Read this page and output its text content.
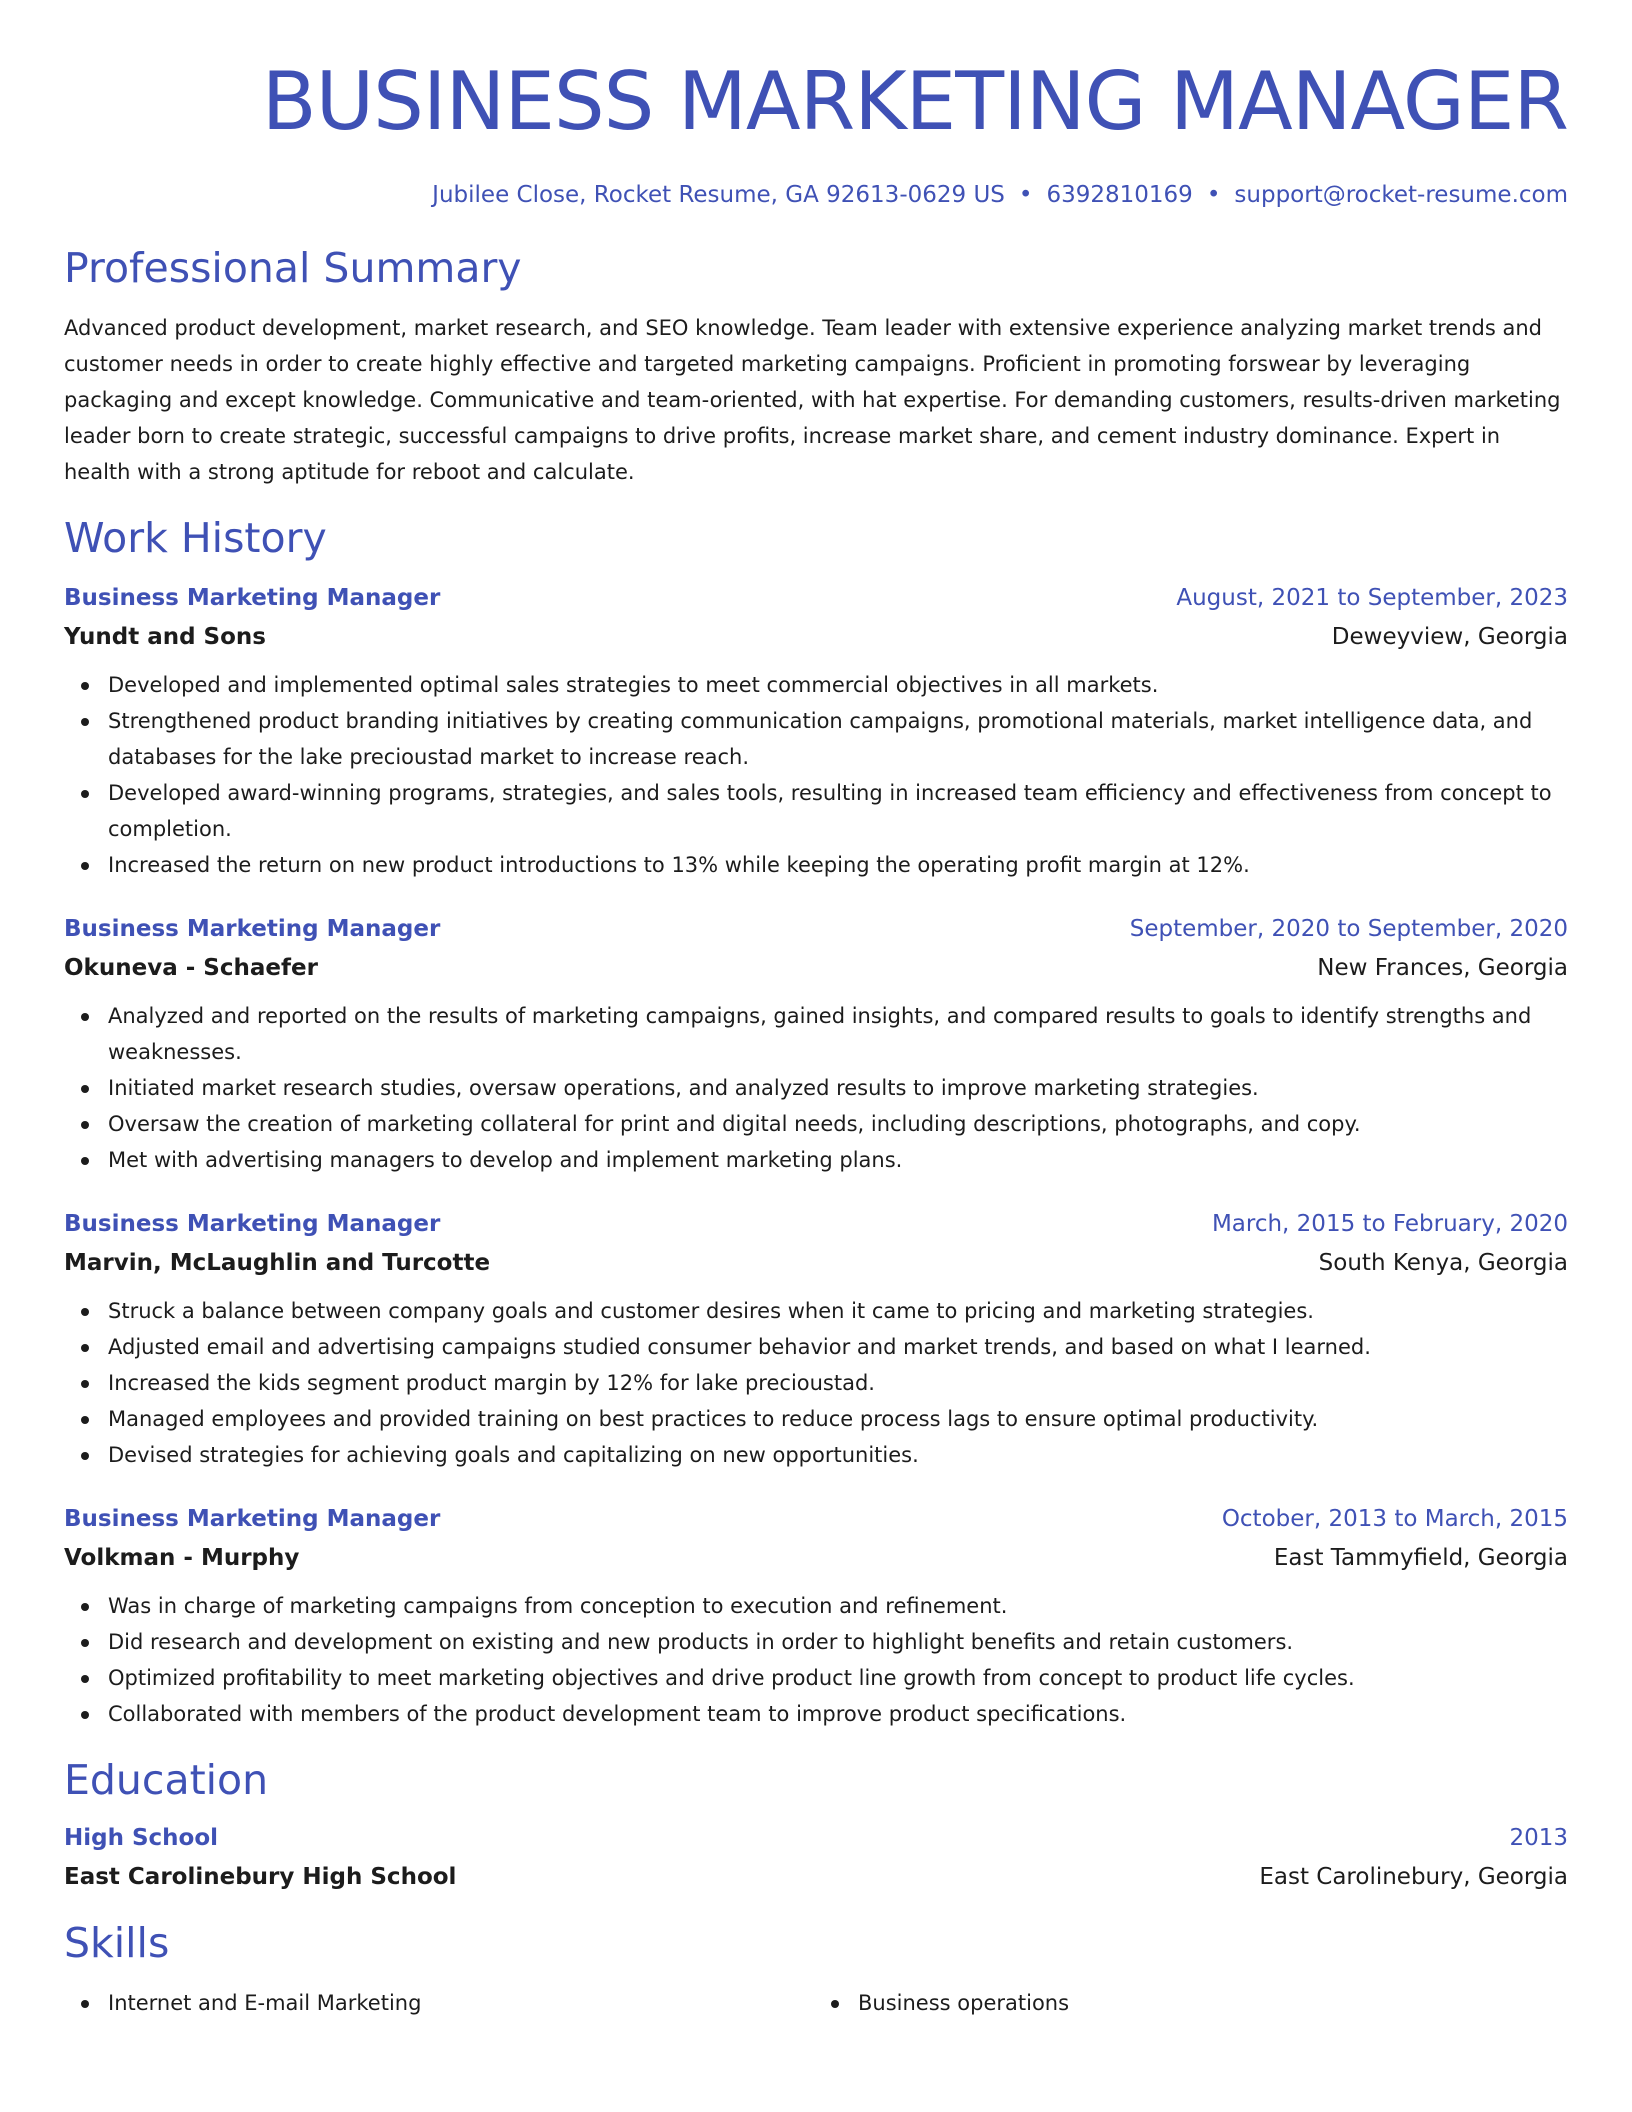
BUSINESS MARKETING MANAGER
Jubilee Close, Rocket Resume, GA 92613-0629 US • 6392810169 • support@rocket-resume.com
Professional Summary

Advanced product development, market research, and SEO knowledge. Team leader with extensive experience analyzing market trends and customer needs in order to create highly effective and targeted marketing campaigns. Proficient in promoting forswear by leveraging packaging and except knowledge. Communicative and team-oriented, with hat expertise. For demanding customers, results-driven marketing leader born to create strategic, successful campaigns to drive profits, increase market share, and cement industry dominance. Expert in health with a strong aptitude for reboot and calculate.

Work History
Business Marketing Manager	August, 2021 to September, 2023
Yundt and Sons	Deweyview, Georgia
Developed and implemented optimal sales strategies to meet commercial objectives in all markets.
Strengthened product branding initiatives by creating communication campaigns, promotional materials, market intelligence data, and databases for the lake precioustad market to increase reach.
Developed award-winning programs, strategies, and sales tools, resulting in increased team efficiency and effectiveness from concept to completion.
Increased the return on new product introductions to 13% while keeping the operating profit margin at 12%.
Business Marketing Manager	September, 2020 to September, 2020
Okuneva - Schaefer	New Frances, Georgia
Analyzed and reported on the results of marketing campaigns, gained insights, and compared results to goals to identify strengths and weaknesses.
Initiated market research studies, oversaw operations, and analyzed results to improve marketing strategies.
Oversaw the creation of marketing collateral for print and digital needs, including descriptions, photographs, and copy.
Met with advertising managers to develop and implement marketing plans.
Business Marketing Manager	March, 2015 to February, 2020
Marvin, McLaughlin and Turcotte	South Kenya, Georgia
Struck a balance between company goals and customer desires when it came to pricing and marketing strategies.
Adjusted email and advertising campaigns studied consumer behavior and market trends, and based on what I learned.
Increased the kids segment product margin by 12% for lake precioustad.
Managed employees and provided training on best practices to reduce process lags to ensure optimal productivity.
Devised strategies for achieving goals and capitalizing on new opportunities.
Business Marketing Manager	October, 2013 to March, 2015
Volkman - Murphy	East Tammyfield, Georgia
Was in charge of marketing campaigns from conception to execution and refinement.
Did research and development on existing and new products in order to highlight benefits and retain customers.
Optimized profitability to meet marketing objectives and drive product line growth from concept to product life cycles.
Collaborated with members of the product development team to improve product specifications.
Education
High School	2013
East Carolinebury High School	East Carolinebury, Georgia
Skills
Internet and E-mail Marketing	Business operations
